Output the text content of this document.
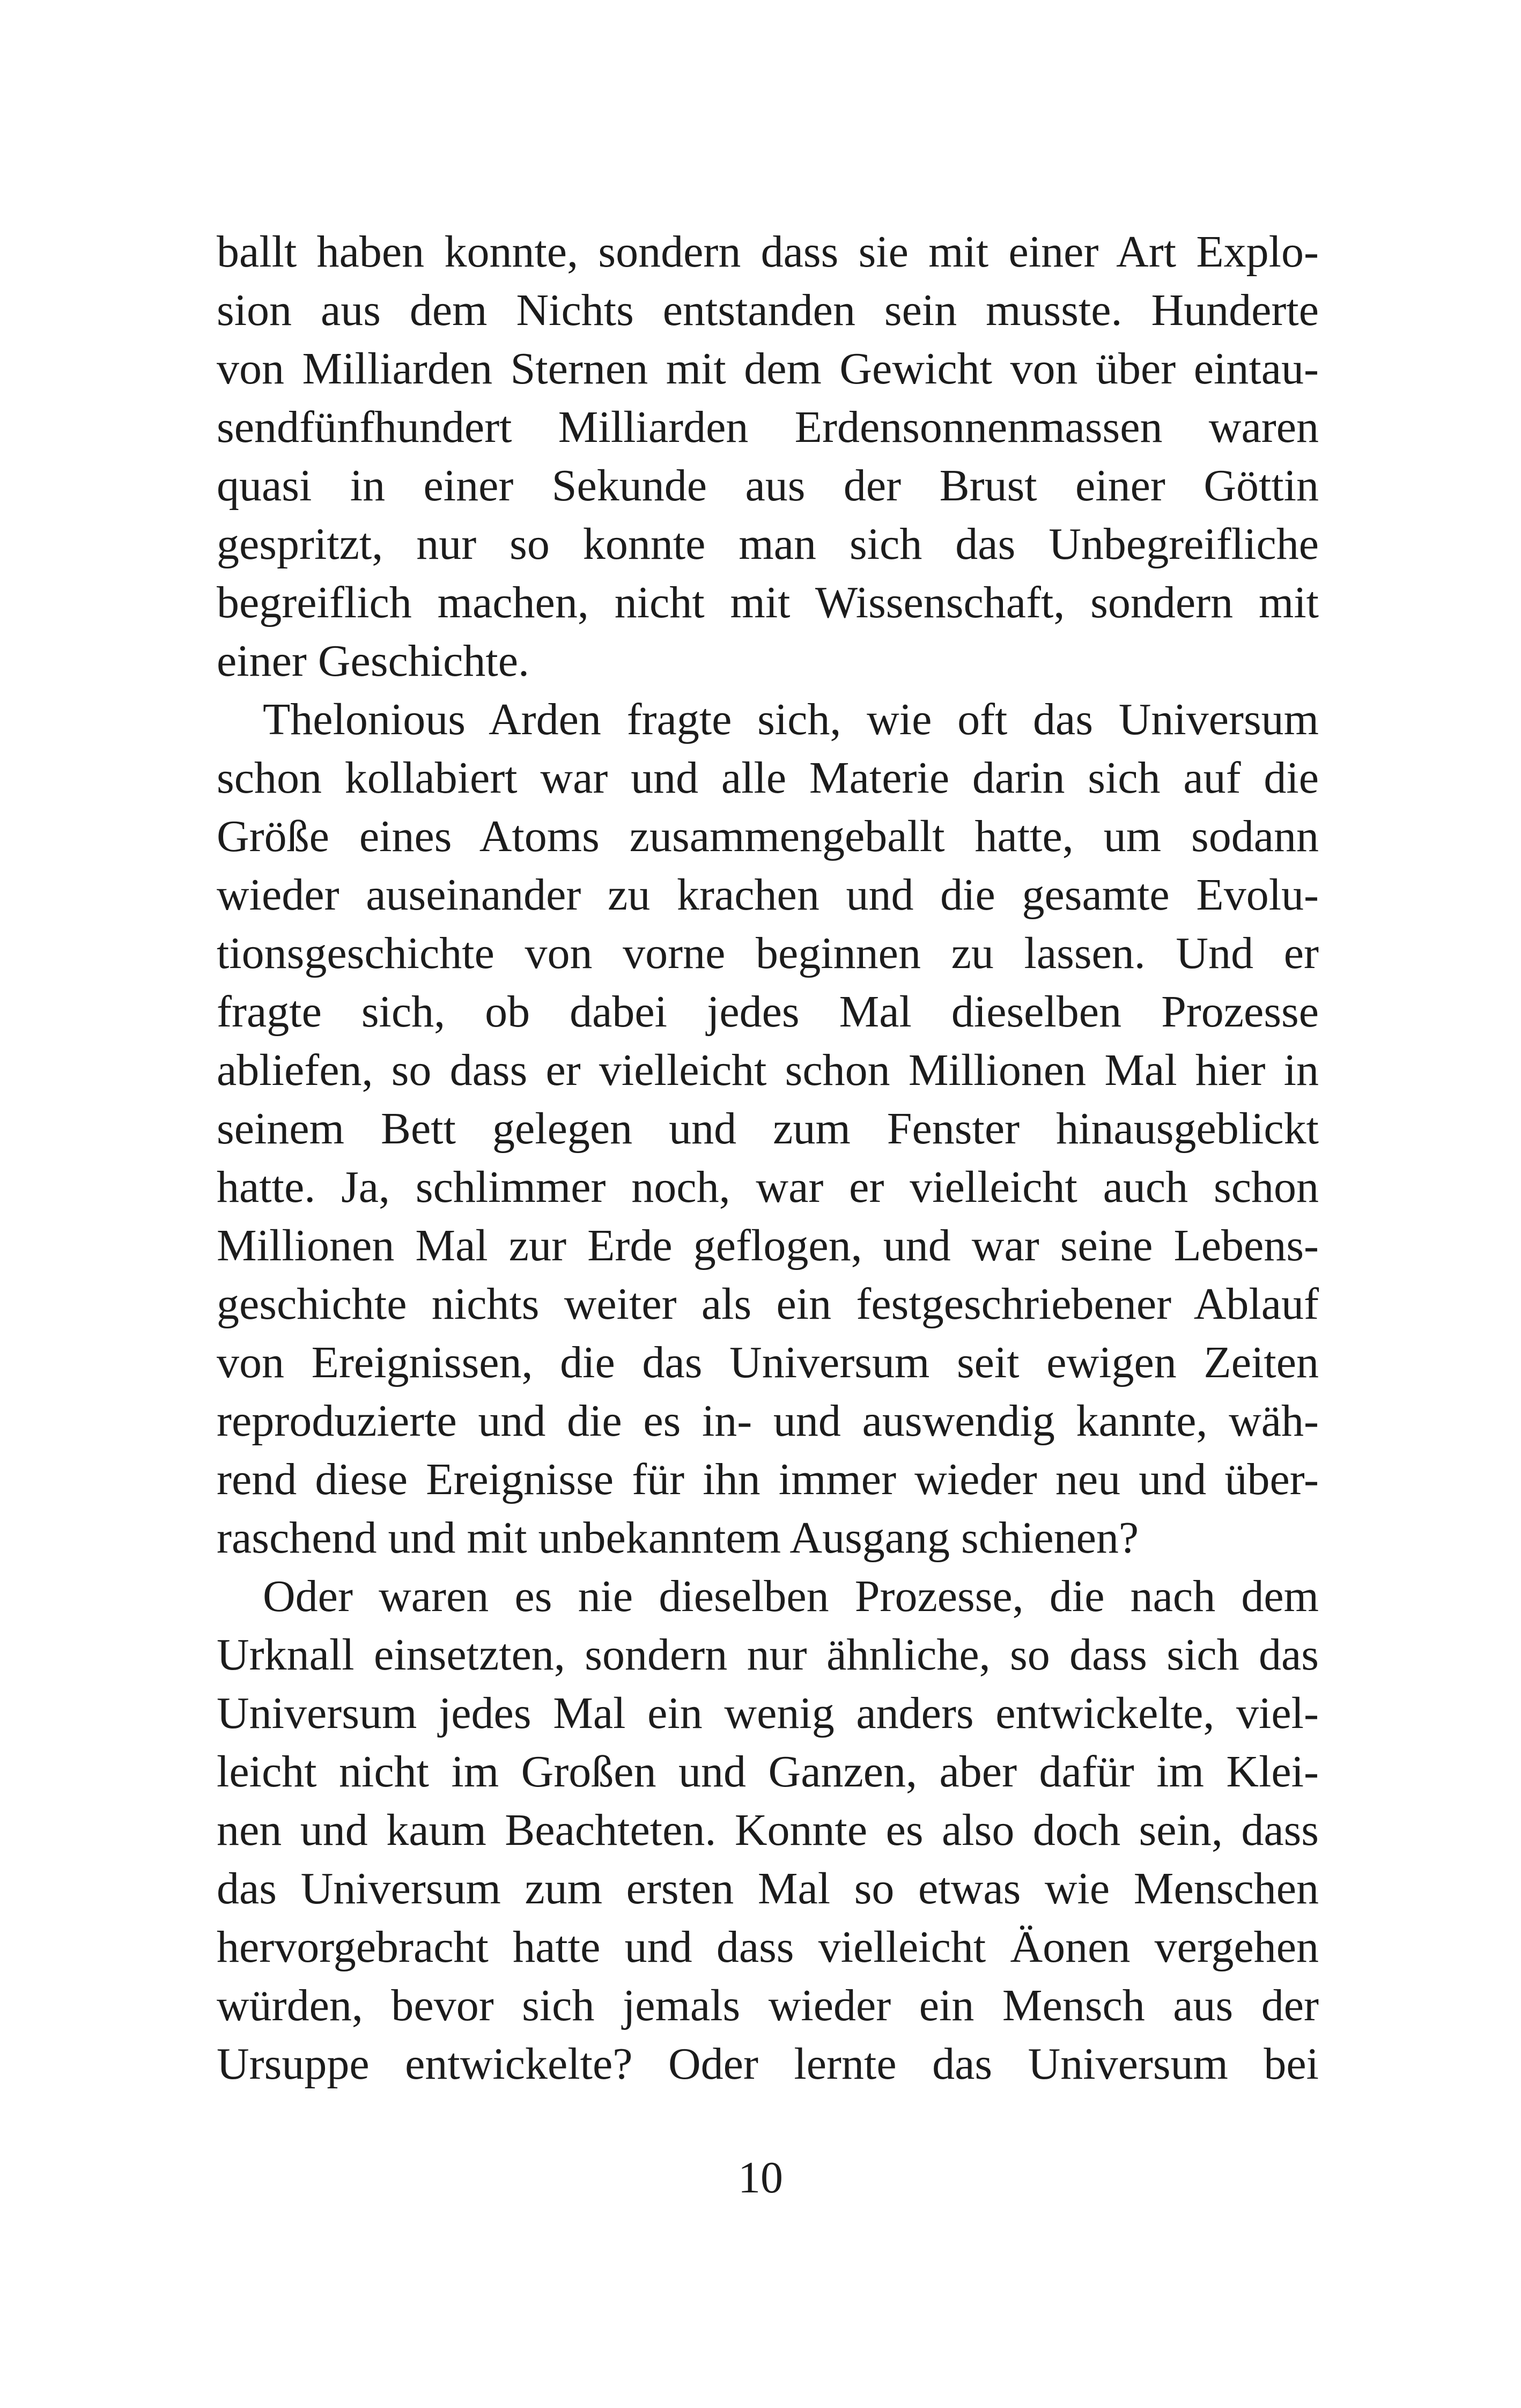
ballt haben konnte, sondern dass sie mit einer Art Explo-
sion aus dem Nichts entstanden sein musste. Hunderte
von Milliarden Sternen mit dem Gewicht von über eintau-
sendfünfhundert Milliarden Erdensonnenmassen waren
quasi in einer Sekunde aus der Brust einer Göttin
gespritzt, nur so konnte man sich das Unbegreifliche
begreiflich machen, nicht mit Wissenschaft, sondern mit
einer Geschichte.
Thelonious Arden fragte sich, wie oft das Universum
schon kollabiert war und alle Materie darin sich auf die
Größe eines Atoms zusammengeballt hatte, um sodann
wieder auseinander zu krachen und die gesamte Evolu-
tionsgeschichte von vorne beginnen zu lassen. Und er
fragte sich, ob dabei jedes Mal dieselben Prozesse
abliefen, so dass er vielleicht schon Millionen Mal hier in
seinem Bett gelegen und zum Fenster hinausgeblickt
hatte. Ja, schlimmer noch, war er vielleicht auch schon
Millionen Mal zur Erde geflogen, und war seine Lebens-
geschichte nichts weiter als ein festgeschriebener Ablauf
von Ereignissen, die das Universum seit ewigen Zeiten
reproduzierte und die es in- und auswendig kannte, wäh-
rend diese Ereignisse für ihn immer wieder neu und über-
raschend und mit unbekanntem Ausgang schienen?
Oder waren es nie dieselben Prozesse, die nach dem
Urknall einsetzten, sondern nur ähnliche, so dass sich das
Universum jedes Mal ein wenig anders entwickelte, viel-
leicht nicht im Großen und Ganzen, aber dafür im Klei-
nen und kaum Beachteten. Konnte es also doch sein, dass
das Universum zum ersten Mal so etwas wie Menschen
hervorgebracht hatte und dass vielleicht Äonen vergehen
würden, bevor sich jemals wieder ein Mensch aus der
Ursuppe entwickelte? Oder lernte das Universum bei
10
